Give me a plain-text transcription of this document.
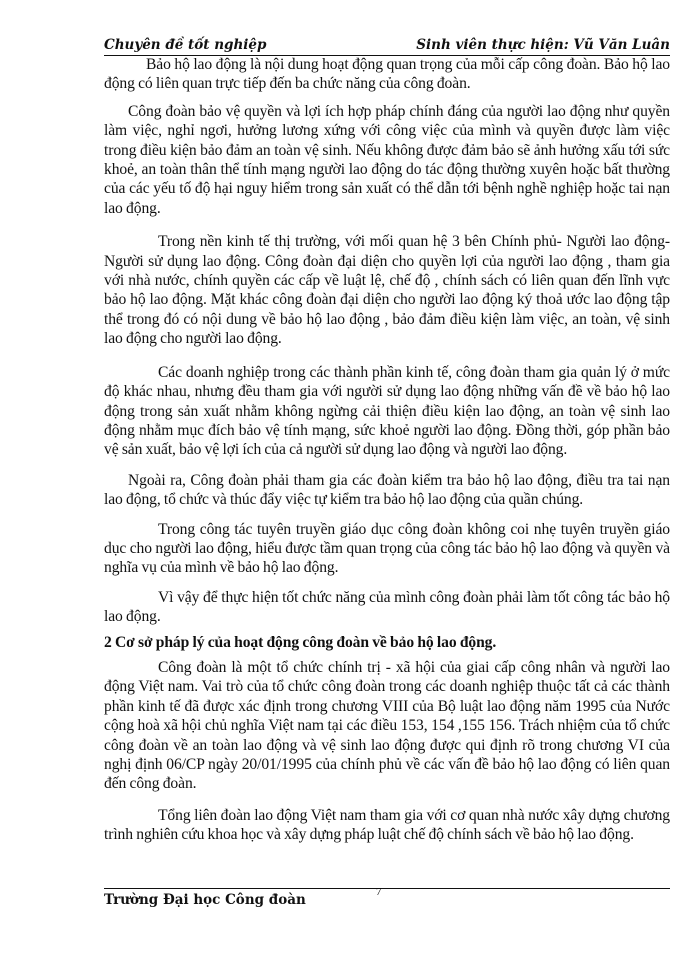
Chuyên đề tốt nghiệp	Sinh viên thực hiện: Vũ Văn Luân

Bảo hộ lao động là nội dung hoạt động quan trọng của mỗi cấp công đoàn. Bảo hộ lao động có liên quan trực tiếp đến ba chức năng của công đoàn.

Công đoàn bảo vệ quyền và lợi ích hợp pháp chính đáng của người lao động như quyền làm việc, nghỉ ngơi, hưởng lương xứng với công việc của mình và quyền được làm việc trong điều kiện bảo đảm an toàn vệ sinh. Nếu không được đảm bảo sẽ ảnh hưởng xấu tới sức khoẻ, an toàn thân thể tính mạng người lao động do tác động thường xuyên hoặc bất thường của các yếu tố độ hại nguy hiểm trong sản xuất có thể dẫn tới bệnh nghề nghiệp hoặc tai nạn lao động.

Trong nền kinh tế thị trường, với mối quan hệ 3 bên Chính phủ- Người lao động- Người sử dụng lao động. Công đoàn đại diện cho quyền lợi của người lao động , tham gia với nhà nước, chính quyền các cấp về luật lệ, chế độ , chính sách có liên quan đến lĩnh vực bảo hộ lao động. Mặt khác công đoàn đại diện cho người lao động ký thoả ước lao động tập thể trong đó có nội dung về bảo hộ lao động , bảo đảm điều kiện làm việc, an toàn, vệ sinh lao động cho người lao động.

Các doanh nghiệp trong các thành phần kinh tế, công đoàn tham gia quản lý ở mức độ khác nhau, nhưng đều tham gia với người sử dụng lao động những vấn đề về bảo hộ lao động trong sản xuất nhằm không ngừng cải thiện điều kiện lao động, an toàn vệ sinh lao động nhằm mục đích bảo vệ tính mạng, sức khoẻ người lao động. Đồng thời, góp phần bảo vệ sản xuất, bảo vệ lợi ích của cả người sử dụng lao động và người lao động.

Ngoài ra, Công đoàn phải tham gia các đoàn kiểm tra bảo hộ lao động, điều tra tai nạn lao động, tổ chức và thúc đẩy việc tự kiểm tra bảo hộ lao động của quần chúng.

Trong công tác tuyên truyền giáo dục công đoàn không coi nhẹ tuyên truyền giáo dục cho người lao động, hiểu được tầm quan trọng của công tác bảo hộ lao động và quyền và nghĩa vụ của mình về bảo hộ lao động.

Vì vậy để thực hiện tốt chức năng của mình công đoàn phải làm tốt công tác bảo hộ lao động.

2 Cơ sở pháp lý của hoạt động công đoàn về bảo hộ lao động.

Công đoàn là một tổ chức chính trị - xã hội của giai cấp công nhân và người lao động Việt nam. Vai trò của tổ chức công đoàn trong các doanh nghiệp thuộc tất cả các thành phần kinh tế đã được xác định trong chương VIII của Bộ luật lao động năm 1995 của Nước cộng hoà xã hội chủ nghĩa Việt nam tại các điều 153, 154 ,155 156. Trách nhiệm của tổ chức công đoàn về an toàn lao động và vệ sinh lao động được qui định rõ trong chương VI của nghị định 06/CP ngày 20/01/1995 của chính phủ về các vấn đề bảo hộ lao động có liên quan đến công đoàn.

Tổng liên đoàn lao động Việt nam tham gia với cơ quan nhà nước xây dựng chương trình nghiên cứu khoa học và xây dựng pháp luật chế độ chính sách về bảo hộ lao động.

Trường Đại học Công đoàn	7
